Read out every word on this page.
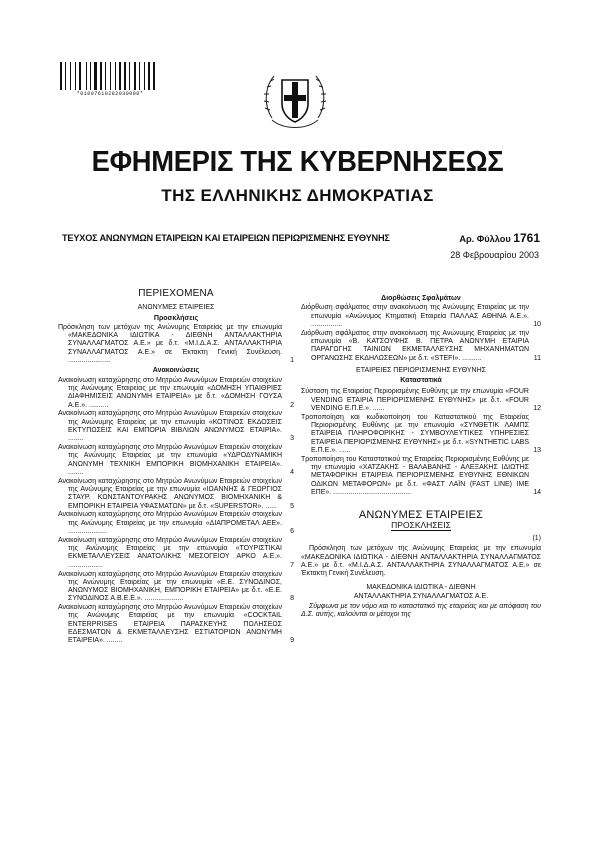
*01007610282030008*
ΕΦΗΜΕΡΙΣ ΤΗΣ ΚΥΒΕΡΝΗΣΕΩΣ
ΤΗΣ ΕΛΛΗΝΙΚΗΣ ΔΗΜΟΚΡΑΤΙΑΣ
ΤΕΥΧΟΣ ΑΝΩΝΥΜΩΝ ΕΤΑΙΡΕΙΩΝ ΚΑΙ ΕΤΑΙΡΕΙΩΝ ΠΕΡΙΩΡΙΣΜΕΝΗΣ ΕΥΘΥΝΗΣ	Αρ. Φύλλου 1761
28 Φεβρουαρίου 2003
ΠΕΡΙΕΧΟΜΕΝΑ
ΑΝΩΝΥΜΕΣ ΕΤΑΙΡΕΙΕΣ
Προσκλήσεις
Πρόσκληση των μετόχων της Ανώνυμης Εταιρείας με την επωνυμία «ΜΑΚΕΔΟΝΙΚΑ ΙΔΙΩΤΙΚΑ - ΔΙΕΘΝΗ ΑΝΤΑΛΛΑΚΤΗΡΙΑ ΣΥΝΑΛΛΑΓΜΑΤΟΣ Α.Ε.» με δ.τ. «Μ.Ι.Δ.Α.Σ. ΑΝΤΑΛΛΑΚΤΗΡΙΑ ΣΥΝΑΛΛΑΓΜΑΤΟΣ Α.Ε.» σε Έκτακτη Γενική Συνέλευση. ......................	1
Ανακοινώσεις
Ανακοίνωση καταχώρησης στο Μητρώο Ανωνύμων Εταιρειών στοιχείων της Ανώνυμης Εταιρείας με την επωνυμία «ΔΟΜΗΣΗ ΥΠΑΙΘΡΙΕΣ ΔΙΑΦΗΜΙΣΕΙΣ ΑΝΩΝΥΜΗ ΕΤΑΙΡΕΙΑ» με δ.τ. «ΔΟΜΗΣΗ ΓΟΥΣΑ Α.Ε.». ..........	2
Ανακοίνωση καταχώρησης στο Μητρώο Ανωνύμων Εταιρειών στοιχείων της Ανώνυμης Εταιρείας με την επωνυμία «ΚΟΤΙΝΟΣ ΕΚΔΟΣΕΙΣ ΕΚΤΥΠΩΣΕΙΣ ΚΑΙ ΕΜΠΟΡΙΑ ΒΙΒΛΙΩΝ ΑΝΩΝΥΜΟΣ ΕΤΑΙΡΙΑ». ........	3
Ανακοίνωση καταχώρησης στο Μητρώο Ανωνύμων Εταιρειών στοιχείων της Ανώνυμης Εταιρείας με την επωνυμία «ΥΔΡΟΔΥΝΑΜΙΚΗ ΑΝΩΝΥΜΗ ΤΕΧΝΙΚΗ ΕΜΠΟΡΙΚΗ ΒΙΟΜΗΧΑΝΙΚΗ ΕΤΑΙΡΕΙΑ». ........	4
Ανακοίνωση καταχώρησης στο Μητρώο Ανωνύμων Εταιρειών στοιχείων της Ανώνυμης Εταιρείας με την επωνυμία «ΙΩΑΝΝΗΣ & ΓΕΩΡΓΙΟΣ ΣΤΑΥΡ. ΚΩΝΣΤΑΝΤΟΥΡΑΚΗΣ ΑΝΩΝΥΜΟΣ ΒΙΟΜΗΧΑΝΙΚΗ & ΕΜΠΟΡΙΚΗ ΕΤΑΙΡΕΙΑ ΥΦΑΣΜΑΤΩΝ» με δ.τ. «SUPERSTOR». ...... 5
Ανακοίνωση καταχώρησης στο Μητρώο Ανωνύμων Εταιρειών στοιχείων της Ανώνυμης Εταιρείας με την επωνυμία «ΔΙΑΠΡΟΜΕΤΑΛ ΑΕΕ». ....................	6
Ανακοίνωση καταχώρησης στο Μητρώο Ανωνύμων Εταιρειών στοιχείων της Ανώνυμης Εταιρείας με την επωνυμία «ΤΟΥΡΙΣΤΙΚΑΙ ΕΚΜΕΤΑΛΛΕΥΣΕΙΣ ΑΝΑΤΟΛΙΚΗΣ ΜΕΣΟΓΕΙΟΥ ΑΡΚΟ Α.Ε.». ..................	7
Ανακοίνωση καταχώρησης στο Μητρώο Ανωνύμων Εταιρειών στοιχείων της Ανώνυμης Εταιρείας με την επωνυμία «Ε.Ε. ΣΥΝΟΔΙΝΟΣ, ΑΝΩΝΥΜΟΣ ΒΙΟΜΗΧΑΝΙΚΗ, ΕΜΠΟΡΙΚΗ ΕΤΑΙΡΕΙΑ» με δ.τ. «Ε.Ε. ΣΥΝΟΔΙΝΟΣ Α.Β.Ε.Ε.». ....................	8
Ανακοίνωση καταχώρησης στο Μητρώο Ανωνύμων Εταιρειών στοιχείων της Ανώνυμης Εταιρείας με την επωνυμία «COCKTAIL ENTERPRISES ΕΤΑΙΡΕΙΑ ΠΑΡΑΣΚΕΥΗΣ ΠΩΛΗΣΕΩΣ ΕΔΕΣΜΑΤΩΝ & ΕΚΜΕΤΑΛΛΕΥΣΗΣ ΕΣΤΙΑΤΟΡΙΩΝ ΑΝΩΝΥΜΗ ΕΤΑΙΡΕΙΑ». ........	9
Διορθώσεις Σφαλμάτων
Διόρθωση σφάλματος στην ανακοίνωση της Ανώνυμης Εταιρείας με την επωνυμία «Ανώνυμος Κτηματική Εταιρεία ΠΑΛΛΑΣ ΑΘΗΝΑ Α.Ε.». ................	10
Διόρθωση σφάλματος στην ανακοίνωση της Ανώνυμης Εταιρείας με την επωνυμία «Β. ΚΑΤΣΟΥΦΗΣ Β. ΠΕΤΡΑ ΑΝΩΝΥΜΗ ΕΤΑΙΡΙΑ ΠΑΡΑΓΩΓΗΣ ΤΑΙΝΙΩΝ ΕΚΜΕΤΑΛΛΕΥΣΗΣ ΜΗΧΑΝΗΜΑΤΩΝ ΟΡΓΑΝΩΣΗΣ ΕΚΔΗΛΩΣΕΩΝ» με δ.τ. «STEFI». ..........	11
ΕΤΑΙΡΕΙΕΣ ΠΕΡΙΩΡΙΣΜΕΝΗΣ ΕΥΘΥΝΗΣ
Καταστατικά
Σύσταση της Εταιρείας Περιορισμένης Ευθύνης με την επωνυμία «FOUR VENDING ΕΤΑΙΡΙΑ ΠΕΡΙΟΡΙΣΜΕΝΗΣ ΕΥΘΥΝΗΣ» με δ.τ. «FOUR VENDING Ε.Π.Ε.». ......	12
Τροποποίηση και κωδικοποίηση του Καταστατικού της Εταιρείας Περιορισμένης Ευθύνης με την επωνυμία «ΣΥΝΘΕΤΙΚ ΛΑΜΠΣ ΕΤΑΙΡΕΙΑ ΠΛΗΡΟΦΟΡΙΚΗΣ - ΣΥΜΒΟΥΛΕΥΤΙΚΕΣ ΥΠΗΡΕΣΙΕΣ ΕΤΑΙΡΕΙΑ ΠΕΡΙΟΡΙΣΜΕΝΗΣ ΕΥΘΥΝΗΣ» με δ.τ. «SYNTHETIC LABS Ε.Π.Ε.». ......	13
Τροποποίηση του Καταστατικού της Εταιρείας Περιορισμένης Ευθύνης με την επωνυμία «ΧΑΤΖΑΚΗΣ - ΒΑΛΑΒΑΝΗΣ - ΑΛΕΞΑΚΗΣ ΙΔΙΩΤΗΣ ΜΕΤΑΦΟΡΙΚΗ ΕΤΑΙΡΕΙΑ ΠΕΡΙΟΡΙΣΜΕΝΗΣ ΕΥΘΥΝΗΣ ΕΘΝΙΚΩΝ ΟΔΙΚΩΝ ΜΕΤΑΦΟΡΩΝ» με δ.τ. «ΦΑΣΤ ΛΑΪΝ (FAST LINE) ΙΜΕ ΕΠΕ». ........................................	14
ΑΝΩΝΥΜΕΣ ΕΤΑΙΡΕΙΕΣ
ΠΡΟΣΚΛΗΣΕΙΣ
(1)
Πρόσκληση των μετόχων της Ανώνυμης Εταιρείας με την επωνυμία «ΜΑΚΕΔΟΝΙΚΑ ΙΔΙΩΤΙΚΑ - ΔΙΕΘΝΗ ΑΝΤΑΛΛΑΚΤΗΡΙΑ ΣΥΝΑΛΛΑΓΜΑΤΟΣ Α.Ε.» με δ.τ. «Μ.Ι.Δ.Α.Σ. ΑΝΤΑΛΛΑΚΤΗΡΙΑ ΣΥΝΑΛΛΑΓΜΑΤΟΣ Α.Ε.» σε Έκτακτη Γενική Συνέλευση.
ΜΑΚΕΔΟΝΙΚΑ ΙΔΙΩΤΙΚΑ - ΔΙΕΘΝΗ
ΑΝΤΑΛΛΑΚΤΗΡΙΑ ΣΥΝΑΛΛΑΓΜΑΤΟΣ Α.Ε.
Σύμφωνα με τον νόμο και το καταστατικό της εταιρείας και με απόφαση του Δ.Σ. αυτής, καλούνται οι μέτοχοι της
